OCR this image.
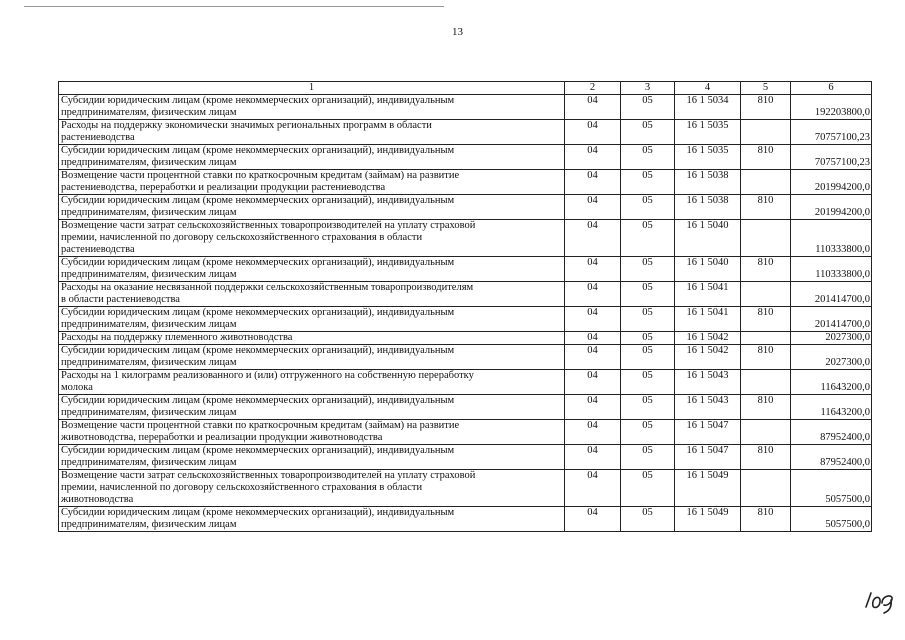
13
1	2	3	4	5	6
Субсидии юридическим лицам (кроме некоммерческих организаций), индивидуальным
предпринимателям, физическим лицам	04	05	16 1 5034	810	192203800,0
Расходы на поддержку экономически значимых региональных программ в области
растениеводства	04	05	16 1 5035		70757100,23
Субсидии юридическим лицам (кроме некоммерческих организаций), индивидуальным
предпринимателям, физическим лицам	04	05	16 1 5035	810	70757100,23
Возмещение части процентной ставки по краткосрочным кредитам (займам) на развитие
растениеводства, переработки и реализации продукции растениеводства	04	05	16 1 5038		201994200,0
Субсидии юридическим лицам (кроме некоммерческих организаций), индивидуальным
предпринимателям, физическим лицам	04	05	16 1 5038	810	201994200,0
Возмещение части затрат сельскохозяйственных товаропроизводителей на уплату страховой
премии, начисленной по договору сельскохозяйственного страхования в области
растениеводства	04	05	16 1 5040		110333800,0
Субсидии юридическим лицам (кроме некоммерческих организаций), индивидуальным
предпринимателям, физическим лицам	04	05	16 1 5040	810	110333800,0
Расходы на оказание несвязанной поддержки сельскохозяйственным товаропроизводителям
в области растениеводства	04	05	16 1 5041		201414700,0
Субсидии юридическим лицам (кроме некоммерческих организаций), индивидуальным
предпринимателям, физическим лицам	04	05	16 1 5041	810	201414700,0
Расходы на поддержку племенного животноводства	04	05	16 1 5042		2027300,0
Субсидии юридическим лицам (кроме некоммерческих организаций), индивидуальным
предпринимателям, физическим лицам	04	05	16 1 5042	810	2027300,0
Расходы на 1 килограмм реализованного и (или) отгруженного на собственную переработку
молока	04	05	16 1 5043		11643200,0
Субсидии юридическим лицам (кроме некоммерческих организаций), индивидуальным
предпринимателям, физическим лицам	04	05	16 1 5043	810	11643200,0
Возмещение части процентной ставки по краткосрочным кредитам (займам) на развитие
животноводства, переработки и реализации продукции животноводства	04	05	16 1 5047		87952400,0
Субсидии юридическим лицам (кроме некоммерческих организаций), индивидуальным
предпринимателям, физическим лицам	04	05	16 1 5047	810	87952400,0
Возмещение части затрат сельскохозяйственных товаропроизводителей на уплату страховой
премии, начисленной по договору сельскохозяйственного страхования в области
животноводства	04	05	16 1 5049		5057500,0
Субсидии юридическим лицам (кроме некоммерческих организаций), индивидуальным
предпринимателям, физическим лицам	04	05	16 1 5049	810	5057500,0
